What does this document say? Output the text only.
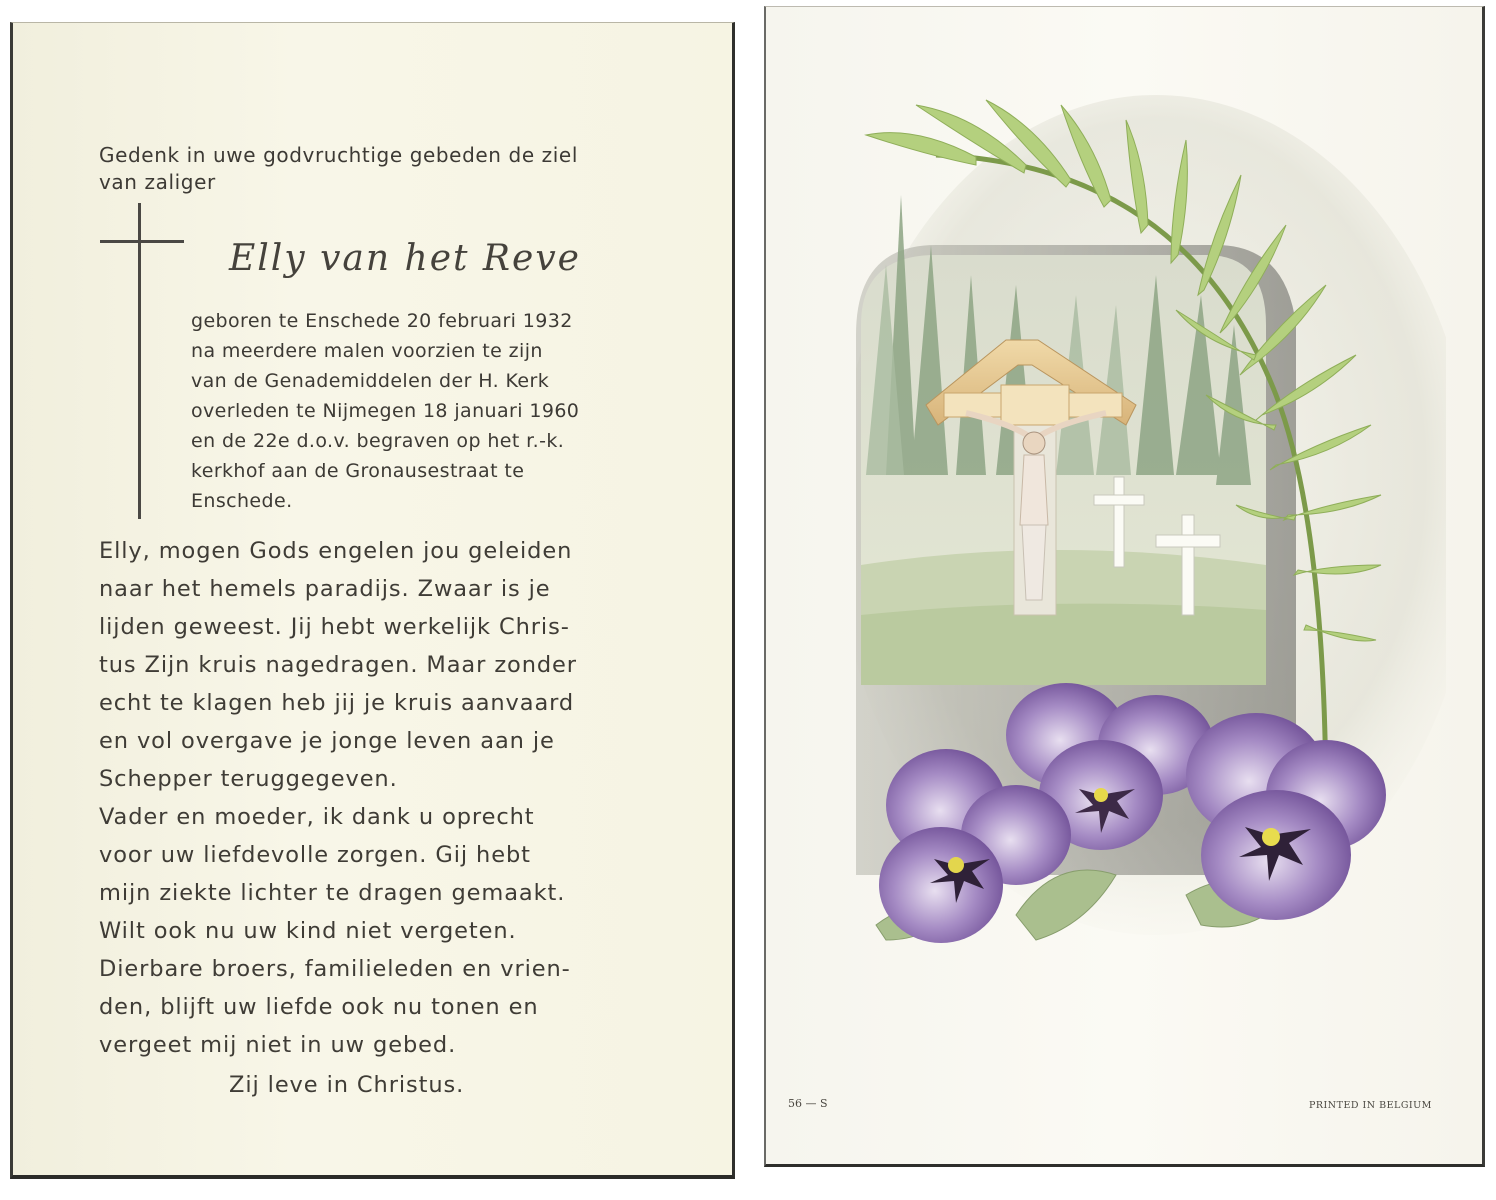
Gedenk in uwe godvruchtige gebeden de ziel
van zaliger
Elly van het Reve
geboren te Enschede 20 februari 1932
na meerdere malen voorzien te zijn
van de Genademiddelen der H. Kerk
overleden te Nijmegen 18 januari 1960
en de 22e d.o.v. begraven op het r.-k.
kerkhof aan de Gronausestraat te
Enschede.
Elly, mogen Gods engelen jou geleiden
naar het hemels paradijs. Zwaar is je
lijden geweest. Jij hebt werkelijk Chris-
tus Zijn kruis nagedragen. Maar zonder
echt te klagen heb jij je kruis aanvaard
en vol overgave je jonge leven aan je
Schepper teruggegeven.
Vader en moeder, ik dank u oprecht
voor uw liefdevolle zorgen. Gij hebt
mijn ziekte lichter te dragen gemaakt.
Wilt ook nu uw kind niet vergeten.
Dierbare broers, familieleden en vrien-
den, blijft uw liefde ook nu tonen en
vergeet mij niet in uw gebed.
Zij leve in Christus.
56 — S	PRINTED IN BELGIUM
